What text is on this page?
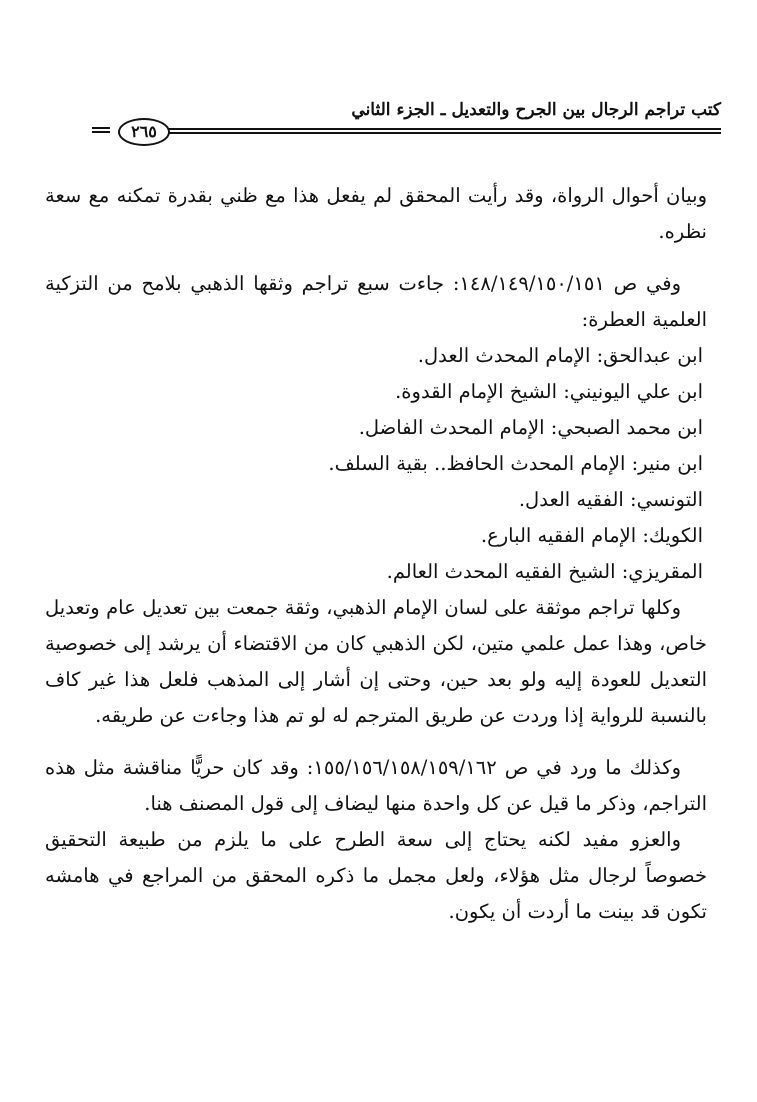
كتب تراجم الرجال بين الجرح والتعديل ـ الجزء الثاني
٢٦٥

وبيان أحوال الرواة، وقد رأيت المحقق لم يفعل هذا مع ظني بقدرة تمكنه مع سعة نظره.

وفي ص ١٤٨/١٤٩/١٥٠/١٥١: جاءت سبع تراجم وثقها الذهبي بلامح من التزكية العلمية العطرة:

ابن عبدالحق: الإمام المحدث العدل.

ابن علي اليونيني: الشيخ الإمام القدوة.

ابن محمد الصبحي: الإمام المحدث الفاضل.

ابن منير: الإمام المحدث الحافظ.. بقية السلف.

التونسي: الفقيه العدل.

الكويك: الإمام الفقيه البارع.

المقريزي: الشيخ الفقيه المحدث العالم.

وكلها تراجم موثقة على لسان الإمام الذهبي، وثقة جمعت بين تعديل عام وتعديل خاص، وهذا عمل علمي متين، لكن الذهبي كان من الاقتضاء أن يرشد إلى خصوصية التعديل للعودة إليه ولو بعد حين، وحتى إن أشار إلى المذهب فلعل هذا غير كاف بالنسبة للرواية إذا وردت عن طريق المترجم له لو تم هذا وجاءت عن طريقه.

وكذلك ما ورد في ص ١٥٥/١٥٦/١٥٨/١٥٩/١٦٢: وقد كان حريًّا مناقشة مثل هذه التراجم، وذكر ما قيل عن كل واحدة منها ليضاف إلى قول المصنف هنا.

والعزو مفيد لكنه يحتاج إلى سعة الطرح على ما يلزم من طبيعة التحقيق خصوصاً لرجال مثل هؤلاء، ولعل مجمل ما ذكره المحقق من المراجع في هامشه تكون قد بينت ما أردت أن يكون.
